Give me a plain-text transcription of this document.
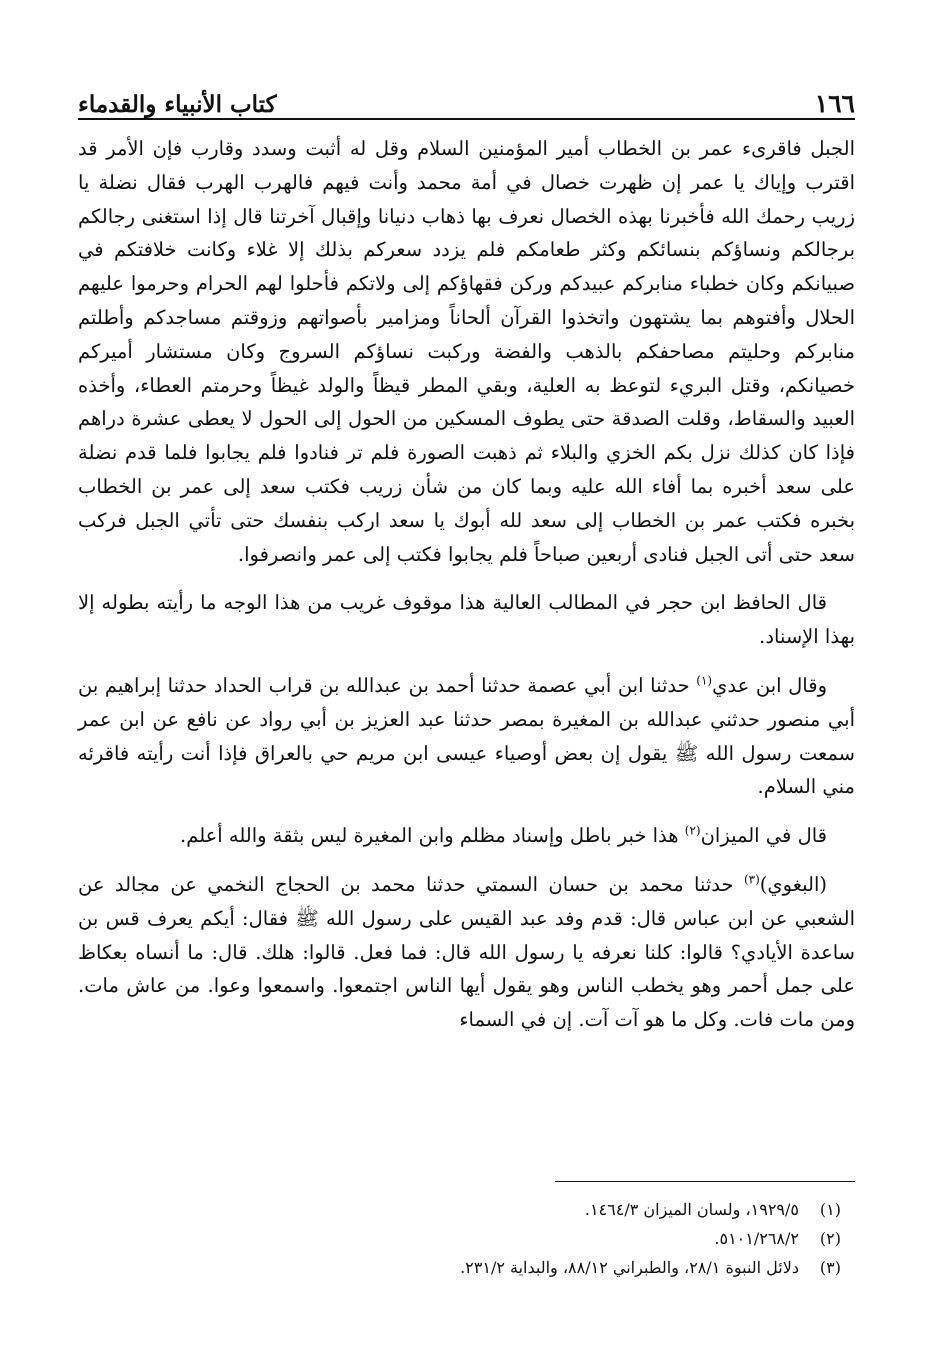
١٦٦
كتاب الأنبياء والقدماء

الجبل فاقرىء عمر بن الخطاب أمير المؤمنين السلام وقل له أثبت وسدد وقارب فإن الأمر قد اقترب وإياك يا عمر إن ظهرت خصال في أمة محمد وأنت فيهم فالهرب الهرب فقال نضلة يا زريب رحمك الله فأخبرنا بهذه الخصال نعرف بها ذهاب دنيانا وإقبال آخرتنا قال إذا استغنى رجالكم برجالكم ونساؤكم بنسائكم وكثر طعامكم فلم يزدد سعركم بذلك إلا غلاء وكانت خلافتكم في صبيانكم وكان خطباء منابركم عبيدكم وركن فقهاؤكم إلى ولاتكم فأحلوا لهم الحرام وحرموا عليهم الحلال وأفتوهم بما يشتهون واتخذوا القرآن ألحاناً ومزامير بأصواتهم وزوقتم مساجدكم وأطلتم منابركم وحليتم مصاحفكم بالذهب والفضة وركبت نساؤكم السروج وكان مستشار أميركم خصيانكم، وقتل البريء لتوعظ به العلية، وبقي المطر قيظاً والولد غيظاً وحرمتم العطاء، وأخذه العبيد والسقاط، وقلت الصدقة حتى يطوف المسكين من الحول إلى الحول لا يعطى عشرة دراهم فإذا كان كذلك نزل بكم الخزي والبلاء ثم ذهبت الصورة فلم تر فنادوا فلم يجابوا فلما قدم نضلة على سعد أخبره بما أفاء الله عليه وبما كان من شأن زريب فكتب سعد إلى عمر بن الخطاب بخبره فكتب عمر بن الخطاب إلى سعد لله أبوك يا سعد اركب بنفسك حتى تأتي الجبل فركب سعد حتى أتى الجبل فنادى أربعين صباحاً فلم يجابوا فكتب إلى عمر وانصرفوا.

قال الحافظ ابن حجر في المطالب العالية هذا موقوف غريب من هذا الوجه ما رأيته بطوله إلا بهذا الإسناد.

وقال ابن عدي$^{(١)}$ حدثنا ابن أبي عصمة حدثنا أحمد بن عبدالله بن قراب الحداد حدثنا إبراهيم بن أبي منصور حدثني عبدالله بن المغيرة بمصر حدثنا عبد العزيز بن أبي رواد عن نافع عن ابن عمر سمعت رسول الله ﷺ يقول إن بعض أوصياء عيسى ابن مريم حي بالعراق فإذا أنت رأيته فاقرئه مني السلام.

قال في الميزان$^{(٢)}$ هذا خبر باطل وإسناد مظلم وابن المغيرة ليس بثقة والله أعلم.

(البغوي)$^{(٣)}$ حدثنا محمد بن حسان السمتي حدثنا محمد بن الحجاج النخمي عن مجالد عن الشعبي عن ابن عباس قال: قدم وفد عبد القيس على رسول الله ﷺ فقال: أيكم يعرف قس بن ساعدة الأيادي؟ قالوا: كلنا نعرفه يا رسول الله قال: فما فعل. قالوا: هلك. قال: ما أنساه بعكاظ على جمل أحمر وهو يخطب الناس وهو يقول أيها الناس اجتمعوا. واسمعوا وعوا. من عاش مات. ومن مات فات. وكل ما هو آت آت. إن في السماء

(١)
١٩٢٩/٥، ولسان الميزان ١٤٦٤/٣.
(٢)
٥١٠١/٢٦٨/٢.
(٣)
دلائل النبوة ٢٨/١، والطبراني ٨٨/١٢، والبداية ٢٣١/٢.
